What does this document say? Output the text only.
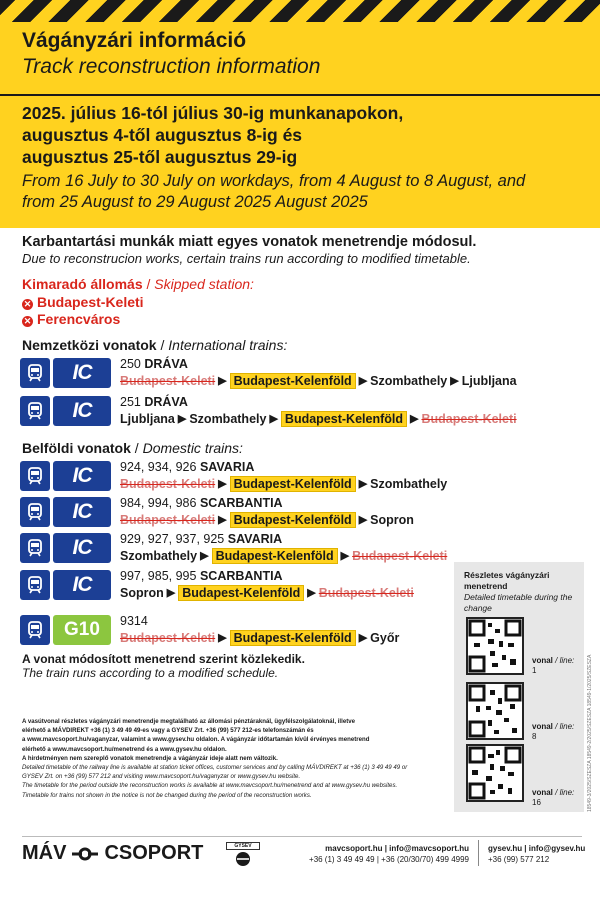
Vágányzári információ
Track reconstruction information
2025. július 16-tól július 30-ig munkanapokon,
augusztus 4-től augusztus 8-ig és
augusztus 25-től augusztus 29-ig
From 16 July to 30 July on workdays, from 4 August to 8 August, and
from 25 August to 29 August 2025 August 2025
Karbantartási munkák miatt egyes vonatok menetrendje módosul.
Due to reconstrucion works, certain trains run according to modified timetable.
Kimaradó állomás / Skipped station:
✕ Budapest-Keleti
✕ Ferencváros
Nemzetközi vonatok / International trains:
IC	250 DRÁVA
Budapest-Keleti ▶ Budapest-Kelenföld ▶ Szombathely ▶ Ljubljana
IC	251 DRÁVA
Ljubljana ▶ Szombathely ▶ Budapest-Kelenföld ▶ Budapest-Keleti
Belföldi vonatok / Domestic trains:
IC	924, 934, 926 SAVARIA
Budapest-Keleti ▶ Budapest-Kelenföld ▶ Szombathely
IC	984, 994, 986 SCARBANTIA
Budapest-Keleti ▶ Budapest-Kelenföld ▶ Sopron
IC	929, 927, 937, 925 SAVARIA
Szombathely ▶ Budapest-Kelenföld ▶ Budapest-Keleti
IC	997, 985, 995 SCARBANTIA
Sopron ▶ Budapest-Kelenföld ▶ Budapest-Keleti
G10	9314
Budapest-Keleti ▶ Budapest-Kelenföld ▶ Győr
A vonat módosított menetrend szerint közlekedik.
The train runs according to a modified schedule.
Részletes vágányzári menetrend
Detailed timetable during the change
vonal / line:
1
vonal / line:
8
vonal / line:
16	18549-3/2025/SZESZA 18549-2/2025/SZESZA 18549-1/2025/SZESZA
A vasútvonal részletes vágányzári menetrendje megtalálható az állomási pénztáraknál, ügyfélszolgálatoknál, illetve
elérhető a MÁVDIREKT +36 (1) 3 49 49 49-es vagy a GYSEV Zrt. +36 (99) 577 212-es telefonszámán és
a www.mavcsoport.hu/vaganyzar, valamint a www.gysev.hu oldalon. A vágányzár időtartamán kívül érvényes menetrend
elérhető a www.mavcsoport.hu/menetrend és a www.gysev.hu oldalon.
A hirdetményen nem szereplő vonatok menetrendje a vágányzár ideje alatt nem változik.
Detailed timetable of the railway line is available at station ticket offices, customer services and by calling MÁVDIREKT at +36 (1) 3 49 49 49 or
GYSEV Zrt. on +36 (99) 577 212 and visiting www.mavcsoport.hu/vaganyzar or www.gysev.hu website.
The timetable for the period outside the reconstruction works is available at www.mavcsoport.hu/menetrend and at www.gysev.hu websites.
Timetable for trains not shown in the notice is not be changed during the period of the reconstruction works.
MÁV CSOPORT	GYSEV	mavcsoport.hu | info@mavcsoport.hu
+36 (1) 3 49 49 49 | +36 (20/30/70) 499 4999
gysev.hu | info@gysev.hu
+36 (99) 577 212
